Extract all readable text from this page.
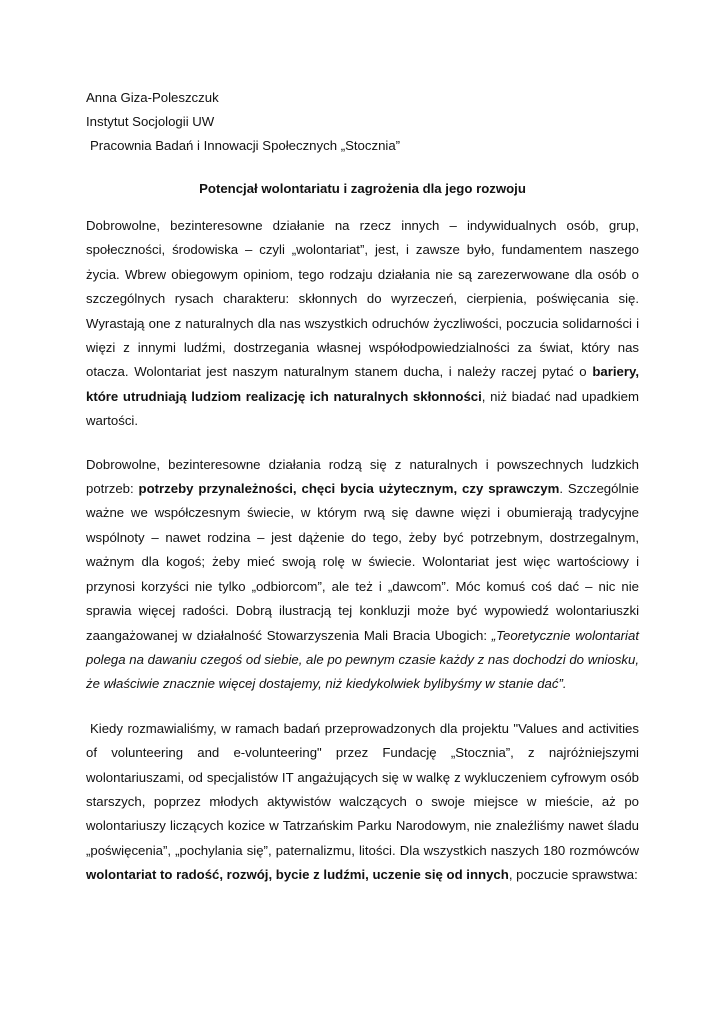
Anna Giza-Poleszczuk

Instytut Socjologii UW

Pracownia Badań i Innowacji Społecznych „Stocznia”

Potencjał wolontariatu i zagrożenia dla jego rozwoju

Dobrowolne, bezinteresowne działanie na rzecz innych – indywidualnych osób, grup, społeczności, środowiska – czyli „wolontariat”, jest, i zawsze było, fundamentem naszego życia. Wbrew obiegowym opiniom, tego rodzaju działania nie są zarezerwowane dla osób o szczególnych rysach charakteru: skłonnych do wyrzeczeń, cierpienia, poświęcania się. Wyrastają one z naturalnych dla nas wszystkich odruchów życzliwości, poczucia solidarności i więzi z innymi ludźmi, dostrzegania własnej współodpowiedzialności za świat, który nas otacza. Wolontariat jest naszym naturalnym stanem ducha, i należy raczej pytać o bariery, które utrudniają ludziom realizację ich naturalnych skłonności, niż biadać nad upadkiem wartości.

Dobrowolne, bezinteresowne działania rodzą się z naturalnych i powszechnych ludzkich potrzeb: potrzeby przynależności, chęci bycia użytecznym, czy sprawczym. Szczególnie ważne we współczesnym świecie, w którym rwą się dawne więzi i obumierają tradycyjne wspólnoty – nawet rodzina – jest dążenie do tego, żeby być potrzebnym, dostrzegalnym, ważnym dla kogoś; żeby mieć swoją rolę w świecie. Wolontariat jest więc wartościowy i przynosi korzyści nie tylko „odbiorcom”, ale też i „dawcom”. Móc komuś coś dać – nic nie sprawia więcej radości. Dobrą ilustracją tej konkluzji może być wypowiedź wolontariuszki zaangażowanej w działalność Stowarzyszenia Mali Bracia Ubogich: „Teoretycznie wolontariat polega na dawaniu czegoś od siebie, ale po pewnym czasie każdy z nas dochodzi do wniosku, że właściwie znacznie więcej dostajemy, niż kiedykolwiek bylibyśmy w stanie dać”.

Kiedy rozmawialiśmy, w ramach badań przeprowadzonych dla projektu "Values and activities of volunteering and e-volunteering" przez Fundację „Stocznia”, z najróżniejszymi wolontariuszami, od specjalistów IT angażujących się w walkę z wykluczeniem cyfrowym osób starszych, poprzez młodych aktywistów walczących o swoje miejsce w mieście, aż po wolontariuszy liczących kozice w Tatrzańskim Parku Narodowym, nie znaleźliśmy nawet śladu „poświęcenia”, „pochylania się”, paternalizmu, litości. Dla wszystkich naszych 180 rozmówców wolontariat to radość, rozwój, bycie z ludźmi, uczenie się od innych, poczucie sprawstwa:
